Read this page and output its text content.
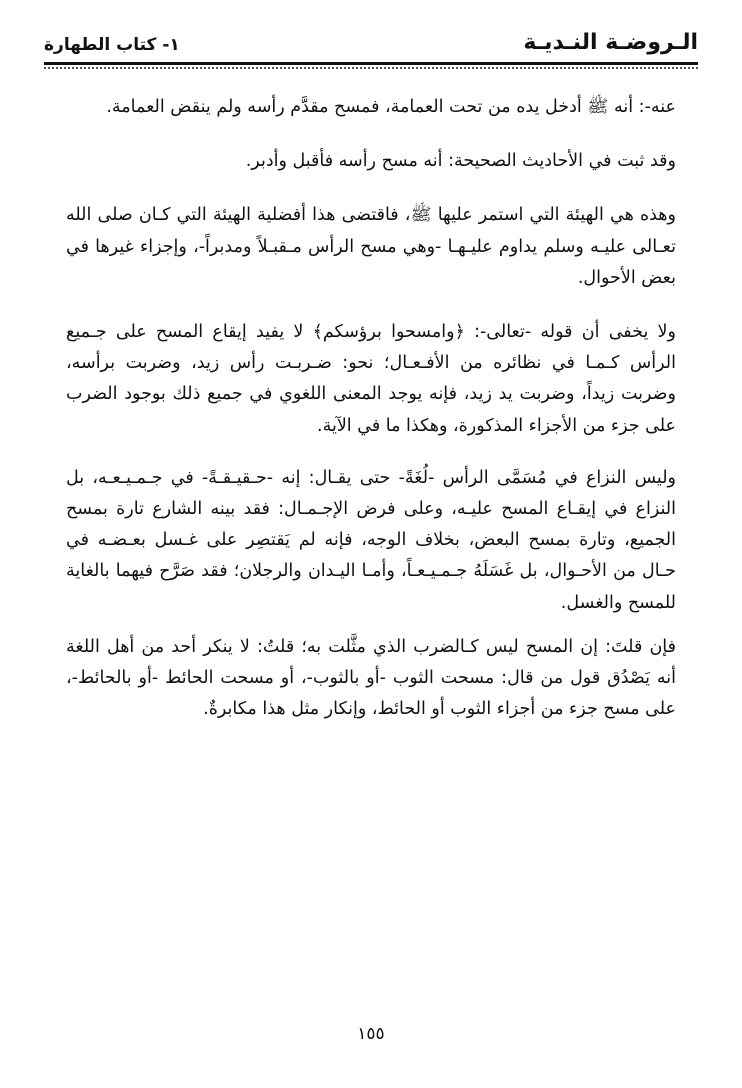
الـروضـة النـديـة
١- كتاب الطهارة

عنه-: أنه ﷺ أدخل يده من تحت العمامة، فمسح مقدَّم رأسه ولم ينقض العمامة.

وقد ثبت في الأحاديث الصحيحة: أنه مسح رأسه فأقبل وأدبر.

وهذه هي الهيئة التي استمر عليها ﷺ، فاقتضى هذا أفضلية الهيئة التي كـان صلى الله تعـالى عليـه وسلم يداوم عليـهـا -وهي مسح الرأس مـقبـلاً ومدبراً-، وإجزاء غيرها في بعض الأحوال.

ولا يخفى أن قوله -تعالى-: ﴿وامسحوا برؤسكم﴾ لا يفيد إيقاع المسح على جـميع الرأس كـمـا في نظائره من الأفـعـال؛ نحو: ضـربـت رأس زيد، وضربت برأسه، وضربت زيداً، وضربت يد زيد، فإنه يوجد المعنى اللغوي في جميع ذلك بوجود الضرب على جزء من الأجزاء المذكورة، وهكذا ما في الآية.

وليس النزاع في مُسَمَّى الرأس -لُغَةً- حتى يقـال: إنه -حـقيـقـةً- في جـمـيـعـه، بل النزاع في إيقـاع المسح عليـه، وعلى فرض الإجـمـال: فقد بينه الشارع تارة بمسح الجميع، وتارة بمسح البعض، بخلاف الوجه، فإنه لم يَقتصِر على غـسل بعـضـه في حـال من الأحـوال، بل غَسَلَهُ جـمـيـعـاً، وأمـا اليـدان والرجلان؛ فقد صَرَّح فيهما بالغاية للمسح والغسل.

فإن قلتَ: إن المسح ليس كـالضرب الذي مثَّلت به؛ قلتُ: لا ينكر أحد من أهل اللغة أنه يَصْدُق قول من قال: مسحت الثوب -أو بالثوب-، أو مسحت الحائط -أو بالحائط-، على مسح جزء من أجزاء الثوب أو الحائط، وإنكار مثل هذا مكابرةٌ.

١٥٥
